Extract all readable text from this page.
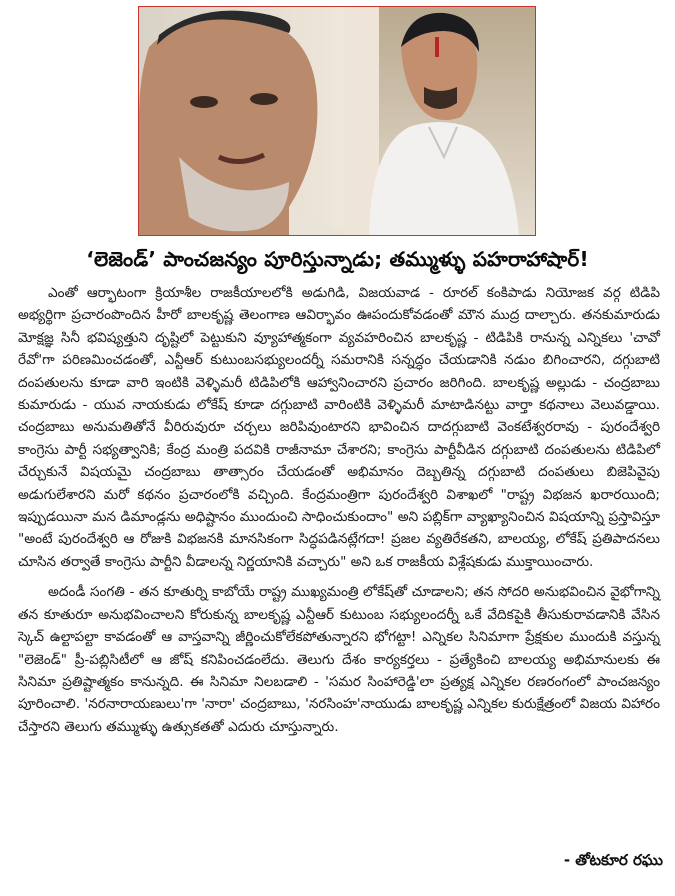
‘లెజెండ్’ పాంచజన్యం పూరిస్తున్నాడు; తమ్ముళ్ళు పహరాహాషార్!

ఎంతో ఆర్భాటంగా క్రియాశీల రాజకీయాలలోకి అడుగిడి, విజయవాడ - రూరల్ కంకిపాడు నియోజక వర్గ టిడిపి అభ్యర్థిగా ప్రచారంపొందిన హీరో బాలకృష్ణ తెలంగాణ ఆవిర్భావం ఊపందుకోవడంతో మౌన ముద్ర దాల్చారు. తనకుమారుడు మోక్షజ్ఞ సినీ భవిష్యత్తుని దృష్టిలో పెట్టుకుని వ్యూహాత్మకంగా వ్యవహరించిన బాలకృష్ణ - టిడిపికి రానున్న ఎన్నికలు 'చావో రేవో'గా పరిణమించడంతో, ఎన్టీఆర్ కుటుంబసభ్యులందర్నీ సమరానికి సన్నద్ధం చేయడానికి నడుం బిగించారని, దగ్గుబాటి దంపతులను కూడా వారి ఇంటికి వెళ్ళిమరీ టిడిపిలోకి ఆహ్వానించారని ప్రచారం జరిగింది. బాలకృష్ణ అల్లుడు - చంద్రబాబు కుమారుడు - యువ నాయకుడు లోకేష్ కూడా దగ్గుబాటి వారింటికి వెళ్ళిమరీ మాటాడినట్టు వార్తా కథనాలు వెలువడ్డాయి. చంద్రబాబు అనుమతితోనే వీరిరువురూ చర్చలు జరిపివుంటారని భావించిన దాదగ్గుబాటి వెంకటేశ్వరరావు - పురందేశ్వరి కాంగ్రెసు పార్టీ సభ్యత్వానికి; కేంద్ర మంత్రి పదవికి రాజీనామా చేశారని; కాంగ్రెసు పార్టీవీడిన దగ్గుబాటి దంపతులను టిడిపిలో చేర్చుకునే విషయమై చంద్రబాబు తాత్సారం చేయడంతో అభిమానం దెబ్బతిన్న దగ్గుబాటి దంపతులు బిజెపివైపు అడుగులేశారని మరో కథనం ప్రచారంలోకి వచ్చింది. కేంద్రమంత్రిగా పురందేశ్వరి విశాఖలో "రాష్ట్ర విభజన ఖరారయింది; ఇప్పుడయినా మన డిమాండ్లను అధిష్టానం ముందుంచి సాధించుకుందాం" అని పబ్లిక్‌గా వ్యాఖ్యానించిన విషయాన్ని ప్రస్తావిస్తూ "అంటే పురందేశ్వరి ఆ రోజుకి విభజనకి మానసికంగా సిద్ధపడినట్లేగదా! ప్రజల వ్యతిరేకతని, బాలయ్య, లోకేష్ ప్రతిపాదనలు చూసిన తర్వాతే కాంగ్రెసు పార్టీని వీడాలన్న నిర్ణయానికి వచ్చారు" అని ఒక రాజకీయ విశ్లేషకుడు ముక్తాయించారు.

అదండీ సంగతి - తన కూతుర్ని కాబోయే రాష్ట్ర ముఖ్యమంత్రి లోకేష్‌తో చూడాలని; తన సోదరి అనుభవించిన వైభోగాన్ని తన కూతురూ అనుభవించాలని కోరుకున్న బాలకృష్ణ ఎన్టీఆర్ కుటుంబ సభ్యులందర్నీ ఒకే వేదికపైకి తీసుకురావడానికి వేసిన స్కెచ్ ఉల్టాపల్టా కావడంతో ఆ వాస్తవాన్ని జీర్ణించుకోలేకపోతున్నారని భోగట్టా! ఎన్నికల సినిమాగా ప్రేక్షకుల ముందుకి వస్తున్న "లెజెండ్" ప్రీ-పబ్లిసిటీలో ఆ జోష్ కనిపించడంలేదు. తెలుగు దేశం కార్యకర్తలు - ప్రత్యేకించి బాలయ్య అభిమానులకు ఈ సినిమా ప్రతిష్టాత్మకం కానున్నది. ఈ సినిమా నిలబడాలి - 'సమర సింహారెడ్డి'లా ప్రత్యక్ష ఎన్నికల రణరంగంలో పాంచజన్యం పూరించాలి. 'నరనారాయణులు'గా 'నారా' చంద్రబాబు, 'నరసింహ'నాయుడు బాలకృష్ణ ఎన్నికల కురుక్షేత్రంలో విజయ విహారం చేస్తారని తెలుగు తమ్ముళ్ళు ఉత్సుకతతో ఎదురు చూస్తున్నారు.

- తోటకూర రఘు
